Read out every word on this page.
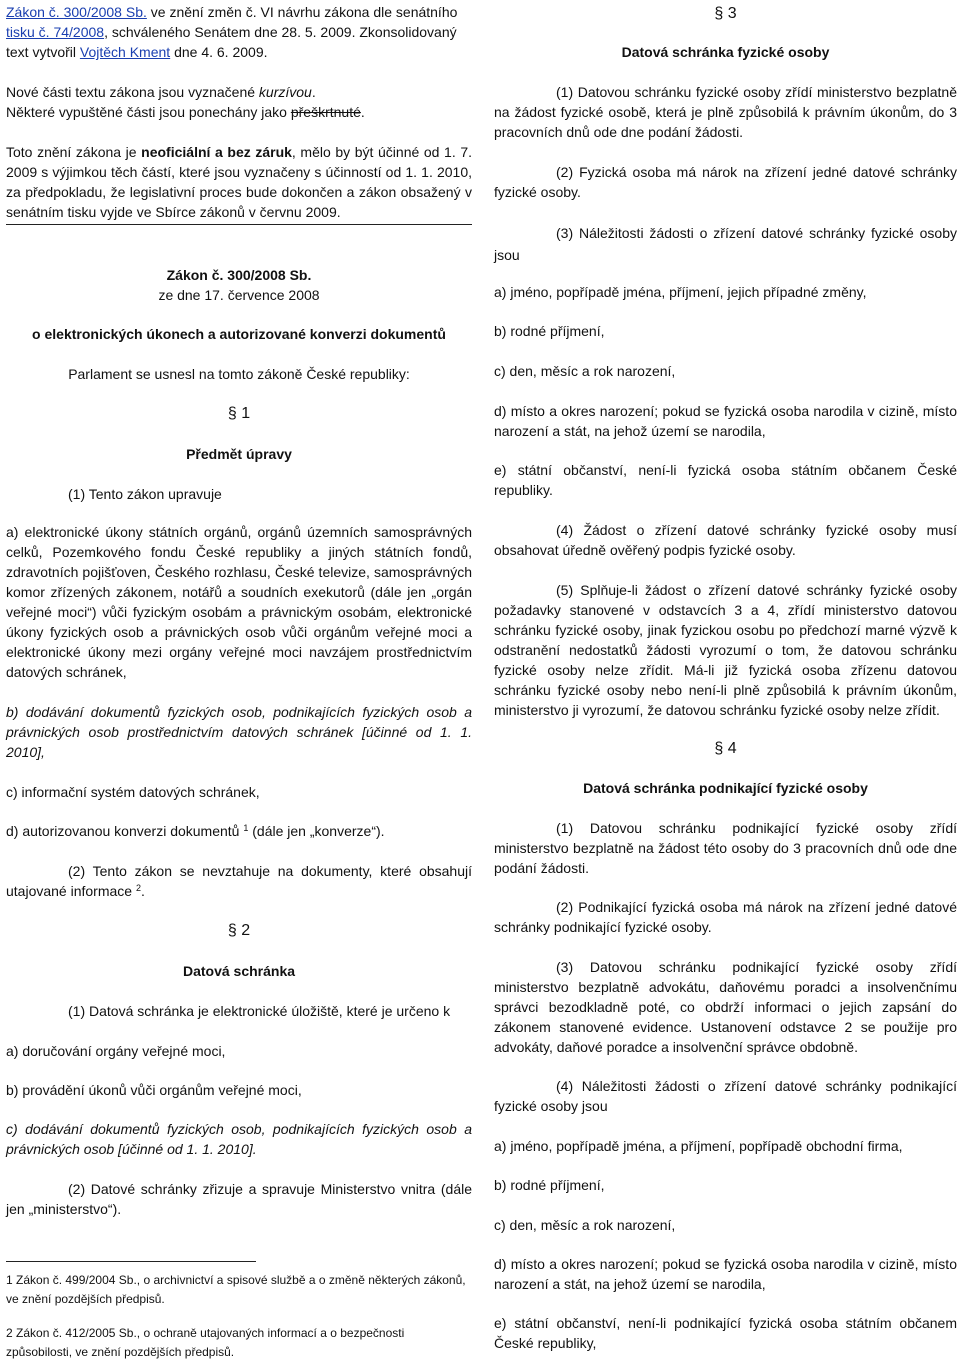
Zákon č. 300/2008 Sb. ve znění změn č. VI návrhu zákona dle senátního

tisku č. 74/2008, schváleného Senátem dne 28. 5. 2009. Zkonsolidovaný

text vytvořil Vojtěch Kment dne 4. 6. 2009.

Nové části textu zákona jsou vyznačené kurzívou.

Některé vypuštěné části jsou ponechány jako přeškrtnuté.

Toto znění zákona je neoficiální a bez záruk, mělo by být účinné od 1. 7. 2009 s výjimkou těch částí, které jsou vyznačeny s účinností od 1. 1. 2010, za předpokladu, že legislativní proces bude dokončen a zákon obsažený v senátním tisku vyjde ve Sbírce zákonů v červnu 2009.

Zákon č. 300/2008 Sb.

ze dne 17. července 2008

o elektronických úkonech a autorizované konverzi dokumentů

Parlament se usnesl na tomto zákoně České republiky:

§ 1

Předmět úpravy

(1) Tento zákon upravuje

a) elektronické úkony státních orgánů, orgánů územních samosprávných celků, Pozemkového fondu České republiky a jiných státních fondů, zdravotních pojišťoven, Českého rozhlasu, České televize, samosprávných komor zřízených zákonem, notářů a soudních exekutorů (dále jen „orgán veřejné moci“) vůči fyzickým osobám a právnickým osobám, elektronické úkony fyzických osob a právnických osob vůči orgánům veřejné moci a elektronické úkony mezi orgány veřejné moci navzájem prostřednictvím datových schránek,

b) dodávání dokumentů fyzických osob, podnikajících fyzických osob a právnických osob prostřednictvím datových schránek [účinné od 1. 1. 2010],

c) informační systém datových schránek,

d) autorizovanou konverzi dokumentů $^1$ (dále jen „konverze“).

(2) Tento zákon se nevztahuje na dokumenty, které obsahují utajované informace $^2$.

§ 2

Datová schránka

(1) Datová schránka je elektronické úložiště, které je určeno k

a) doručování orgány veřejné moci,

b) provádění úkonů vůči orgánům veřejné moci,

c) dodávání dokumentů fyzických osob, podnikajících fyzických osob a právnických osob [účinné od 1. 1. 2010].

(2) Datové schránky zřizuje a spravuje Ministerstvo vnitra (dále jen „ministerstvo“).

1 Zákon č. 499/2004 Sb., o archivnictví a spisové službě a o změně některých zákonů, ve znění pozdějších předpisů.

2 Zákon č. 412/2005 Sb., o ochraně utajovaných informací a o bezpečnosti způsobilosti, ve znění pozdějších předpisů.

§ 3

Datová schránka fyzické osoby

(1) Datovou schránku fyzické osoby zřídí ministerstvo bezplatně na žádost fyzické osobě, která je plně způsobilá k právním úkonům, do 3 pracovních dnů ode dne podání žádosti.

(2) Fyzická osoba má nárok na zřízení jedné datové schránky fyzické osoby.

(3) Náležitosti žádosti o zřízení datové schránky fyzické osoby jsou

a) jméno, popřípadě jména, příjmení, jejich případné změny,

b) rodné příjmení,

c) den, měsíc a rok narození,

d) místo a okres narození; pokud se fyzická osoba narodila v cizině, místo narození a stát, na jehož území se narodila,

e) státní občanství, není-li fyzická osoba státním občanem České republiky.

(4) Žádost o zřízení datové schránky fyzické osoby musí obsahovat úředně ověřený podpis fyzické osoby.

(5) Splňuje-li žádost o zřízení datové schránky fyzické osoby požadavky stanovené v odstavcích 3 a 4, zřídí ministerstvo datovou schránku fyzické osoby, jinak fyzickou osobu po předchozí marné výzvě k odstranění nedostatků žádosti vyrozumí o tom, že datovou schránku fyzické osoby nelze zřídit. Má-li již fyzická osoba zřízenu datovou schránku fyzické osoby nebo není-li plně způsobilá k právním úkonům, ministerstvo ji vyrozumí, že datovou schránku fyzické osoby nelze zřídit.

§ 4

Datová schránka podnikající fyzické osoby

(1) Datovou schránku podnikající fyzické osoby zřídí ministerstvo bezplatně na žádost této osoby do 3 pracovních dnů ode dne podání žádosti.

(2) Podnikající fyzická osoba má nárok na zřízení jedné datové schránky podnikající fyzické osoby.

(3) Datovou schránku podnikající fyzické osoby zřídí ministerstvo bezplatně advokátu, daňovému poradci a insolvenčnímu správci bezodkladně poté, co obdrží informaci o jejich zapsání do zákonem stanovené evidence. Ustanovení odstavce 2 se použije pro advokáty, daňové poradce a insolvenční správce obdobně.

(4) Náležitosti žádosti o zřízení datové schránky podnikající fyzické osoby jsou

a) jméno, popřípadě jména, a příjmení, popřípadě obchodní firma,

b) rodné příjmení,

c) den, měsíc a rok narození,

d) místo a okres narození; pokud se fyzická osoba narodila v cizině, místo narození a stát, na jehož území se narodila,

e) státní občanství, není-li podnikající fyzická osoba státním občanem České republiky,
